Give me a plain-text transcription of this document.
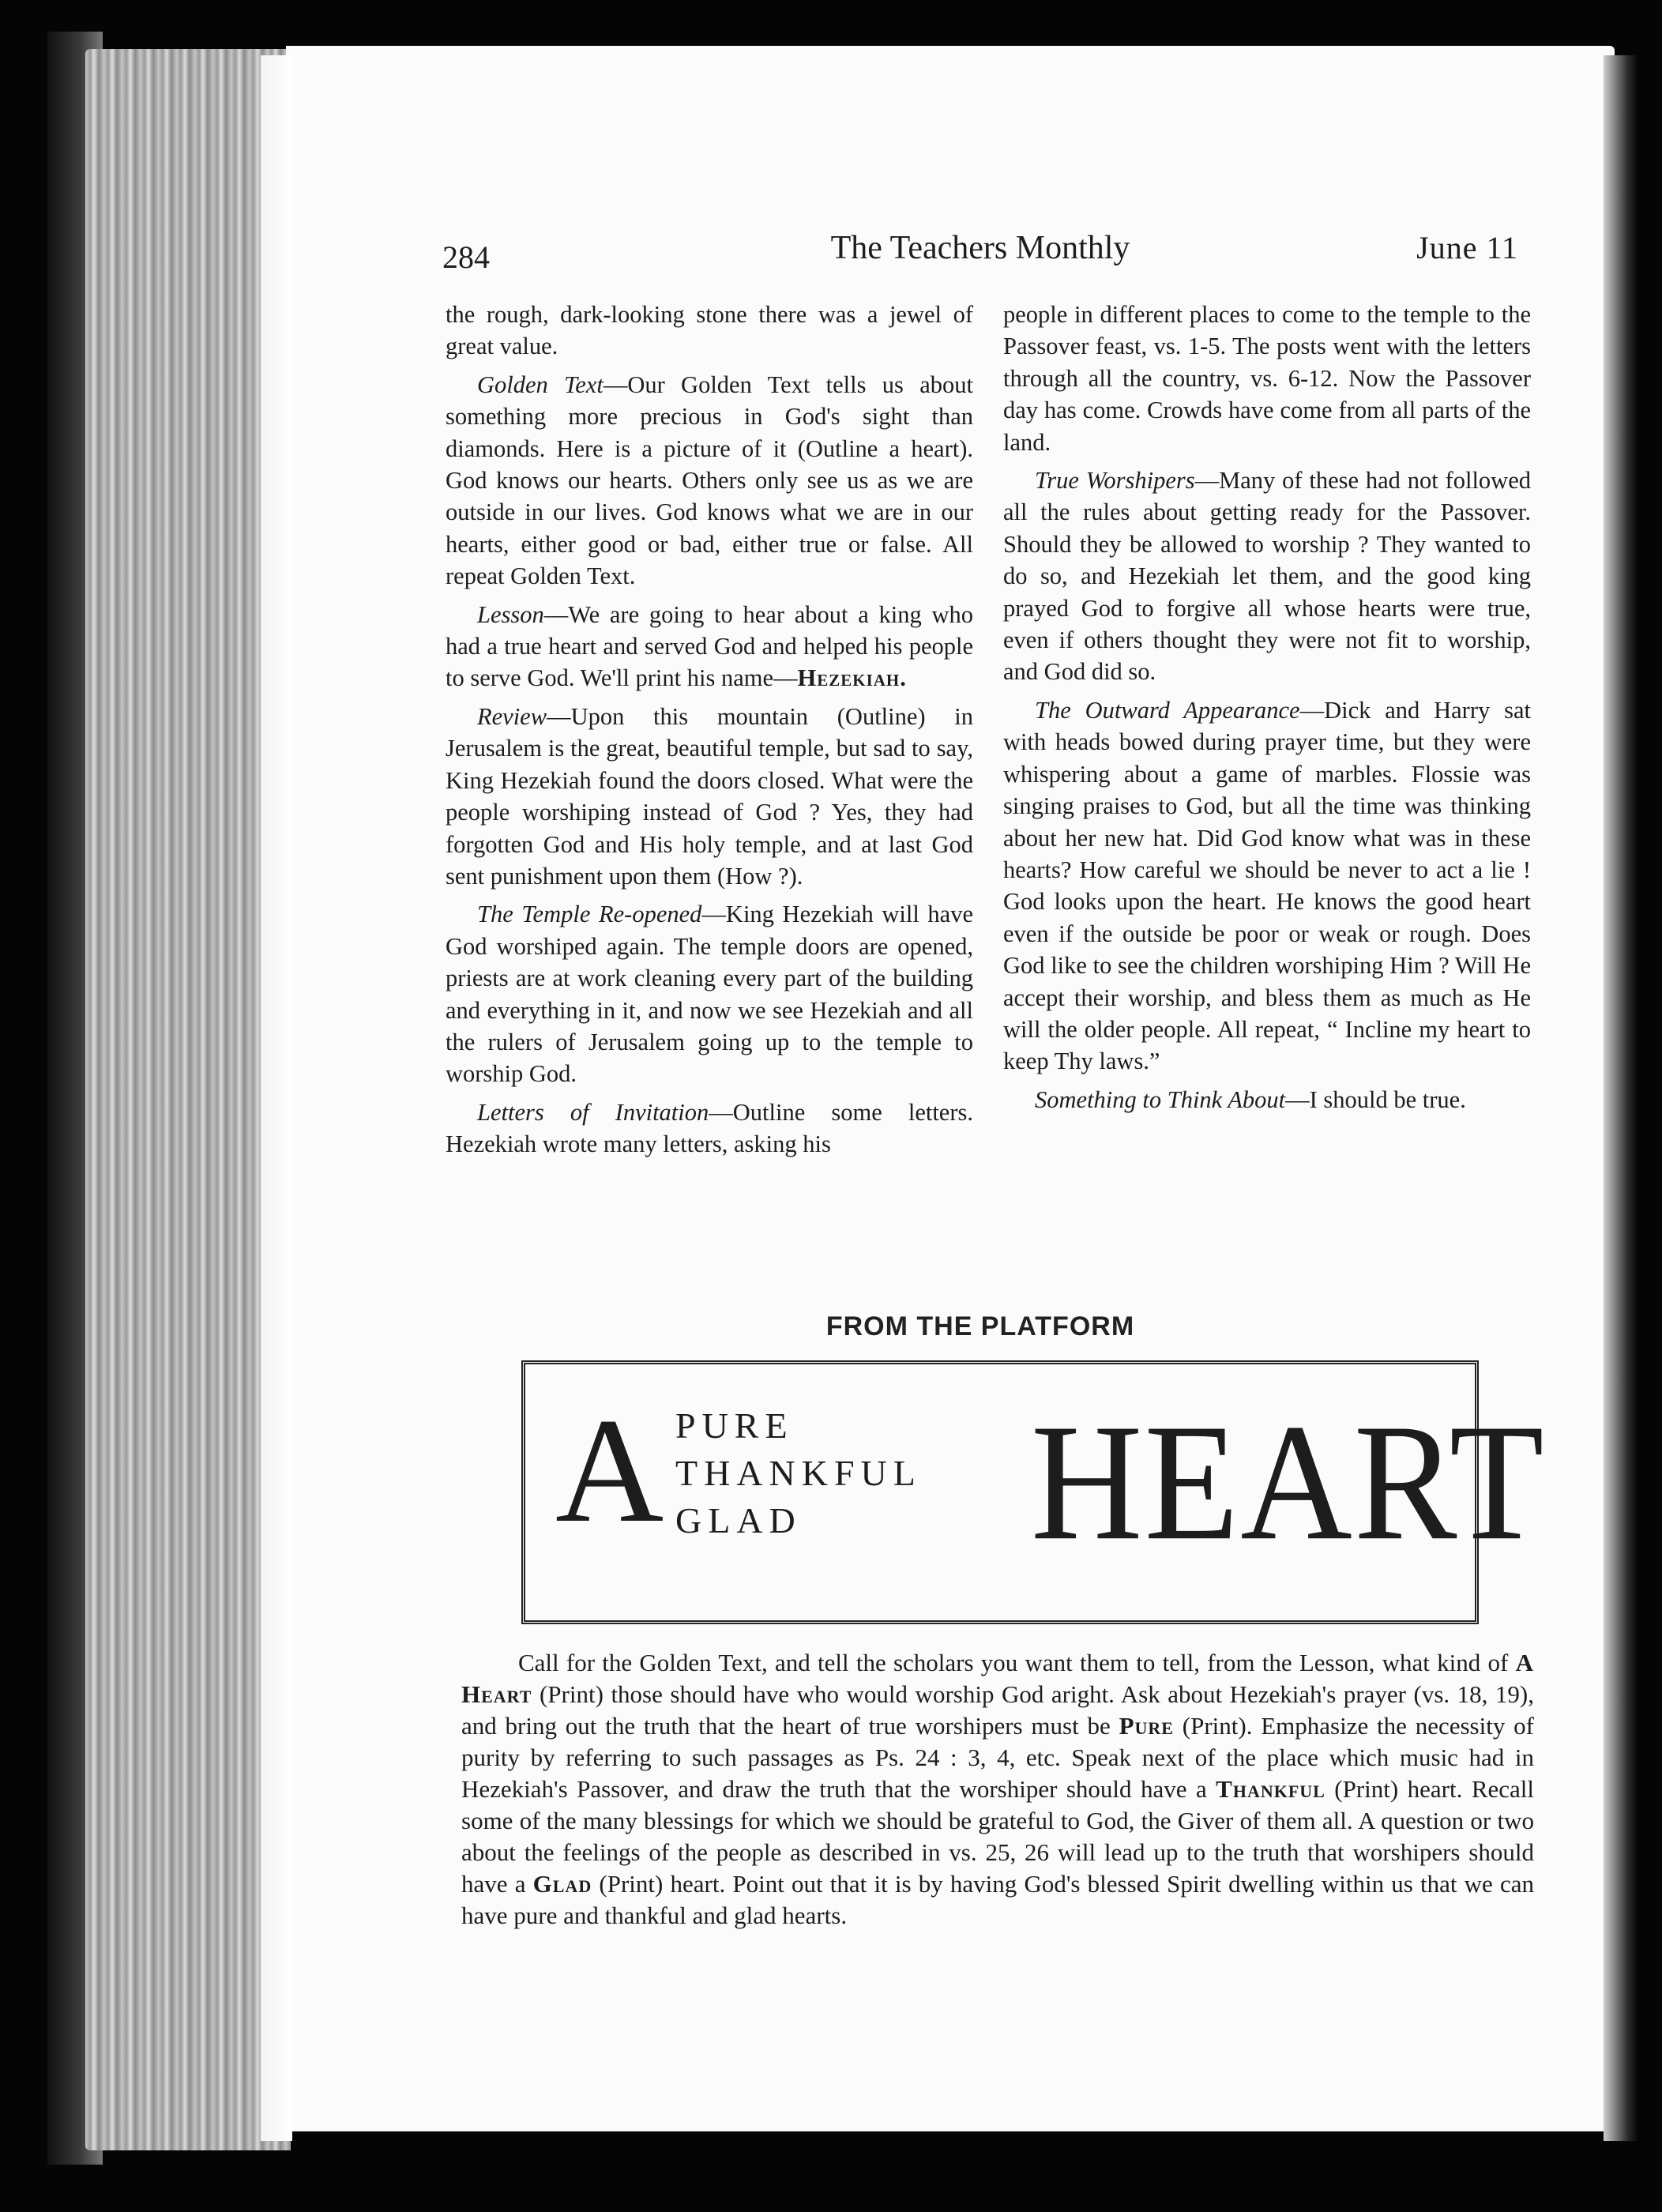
284	The Teachers Monthly	June 11

the rough, dark-looking stone there was a jewel of great value.

Golden Text—Our Golden Text tells us about something more precious in God's sight than diamonds. Here is a picture of it (Outline a heart). God knows our hearts. Others only see us as we are outside in our lives. God knows what we are in our hearts, either good or bad, either true or false. All repeat Golden Text.

Lesson—We are going to hear about a king who had a true heart and served God and helped his people to serve God. We'll print his name—Hezekiah.

Review—Upon this mountain (Outline) in Jerusalem is the great, beautiful temple, but sad to say, King Hezekiah found the doors closed. What were the people worshiping instead of God ? Yes, they had forgotten God and His holy temple, and at last God sent punishment upon them (How ?).

The Temple Re-opened—King Hezekiah will have God worshiped again. The temple doors are opened, priests are at work cleaning every part of the building and everything in it, and now we see Hezekiah and all the rulers of Jerusalem going up to the temple to worship God.

Letters of Invitation—Outline some letters. Hezekiah wrote many letters, asking his

people in different places to come to the temple to the Passover feast, vs. 1-5. The posts went with the letters through all the country, vs. 6-12. Now the Passover day has come. Crowds have come from all parts of the land.

True Worshipers—Many of these had not followed all the rules about getting ready for the Passover. Should they be allowed to worship ? They wanted to do so, and Hezekiah let them, and the good king prayed God to forgive all whose hearts were true, even if others thought they were not fit to worship, and God did so.

The Outward Appearance—Dick and Harry sat with heads bowed during prayer time, but they were whispering about a game of marbles. Flossie was singing praises to God, but all the time was thinking about her new hat. Did God know what was in these hearts? How careful we should be never to act a lie ! God looks upon the heart. He knows the good heart even if the outside be poor or weak or rough. Does God like to see the children worshiping Him ? Will He accept their worship, and bless them as much as He will the older people. All repeat, “ Incline my heart to keep Thy laws.”

Something to Think About—I should be true.

FROM THE PLATFORM
A PURE
THANKFUL
GLAD	HEART

Call for the Golden Text, and tell the scholars you want them to tell, from the Lesson, what kind of A Heart (Print) those should have who would worship God aright. Ask about Hezekiah's prayer (vs. 18, 19), and bring out the truth that the heart of true worshipers must be Pure (Print). Emphasize the necessity of purity by referring to such passages as Ps. 24 : 3, 4, etc. Speak next of the place which music had in Hezekiah's Passover, and draw the truth that the worshiper should have a Thankful (Print) heart. Recall some of the many blessings for which we should be grateful to God, the Giver of them all. A question or two about the feelings of the people as described in vs. 25, 26 will lead up to the truth that worshipers should have a Glad (Print) heart. Point out that it is by having God's blessed Spirit dwelling within us that we can have pure and thankful and glad hearts.
